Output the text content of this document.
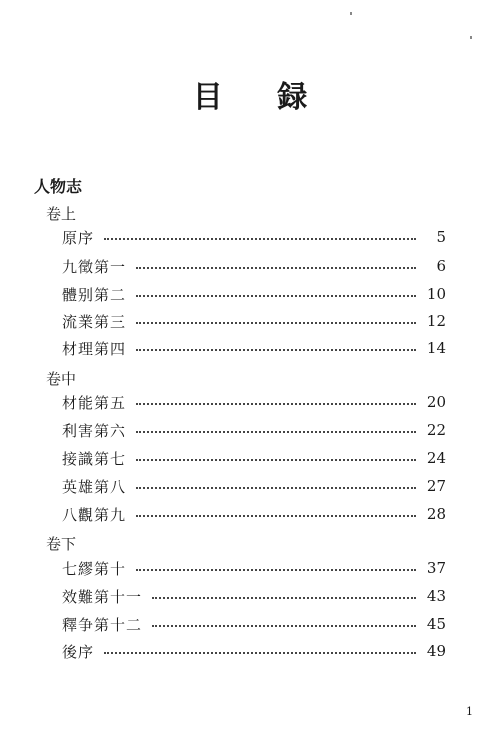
目 録
人物志
卷上
原序	5
九徵第一	6
體别第二	10
流業第三	12
材理第四	14
卷中
材能第五	20
利害第六	22
接識第七	24
英雄第八	27
八觀第九	28
卷下
七繆第十	37
效難第十一	43
釋争第十二	45
後序	49
1
